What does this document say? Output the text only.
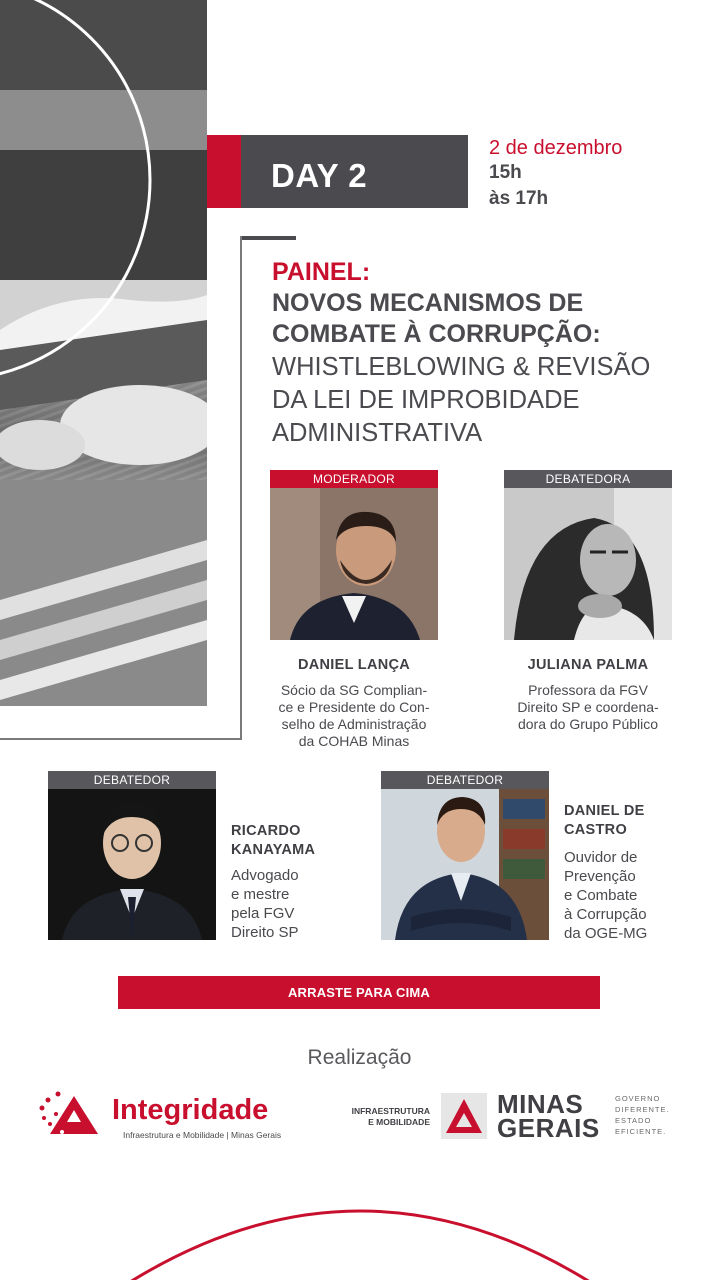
DAY 2
2 de dezembro
15h
às 17h
PAINEL:
NOVOS MECANISMOS DE
COMBATE À CORRUPÇÃO:
WHISTLEBLOWING & REVISÃO
DA LEI DE IMPROBIDADE
ADMINISTRATIVA
MODERADOR
DANIEL LANÇA
Sócio da SG Complian-
ce e Presidente do Con-
selho de Administração
da COHAB Minas
DEBATEDORA
JULIANA PALMA
Professora da FGV
Direito SP e coordena-
dora do Grupo Público
DEBATEDOR
RICARDO
KANAYAMA
Advogado
e mestre
pela FGV
Direito SP
DEBATEDOR
DANIEL DE
CASTRO
Ouvidor de
Prevenção
e Combate
à Corrupção
da OGE-MG
ARRASTE PARA CIMA
Realização
Integridade
Infraestrutura e Mobilidade | Minas Gerais
INFRAESTRUTURA
E MOBILIDADE
MINAS
GERAIS
GOVERNO
DIFERENTE.
ESTADO
EFICIENTE.
